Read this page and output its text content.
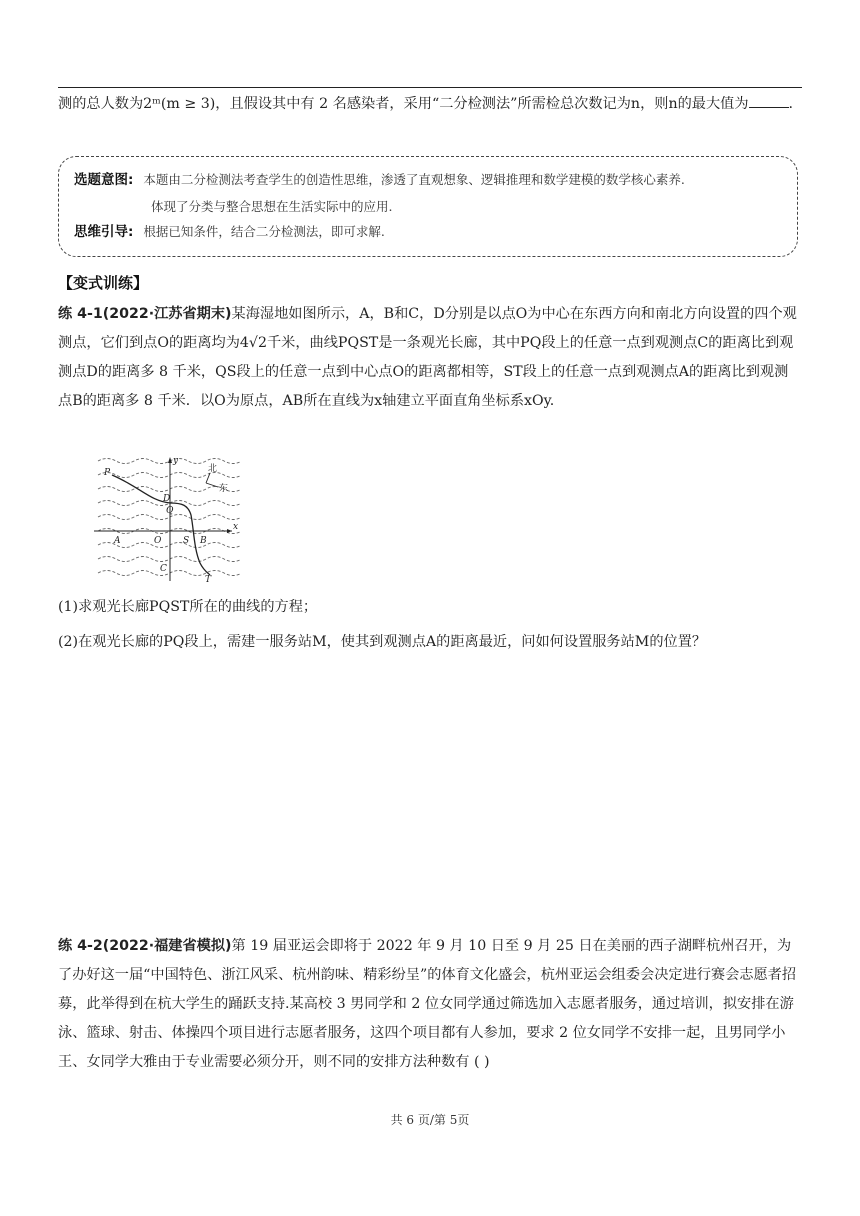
测的总人数为2ᵐ(m ≥ 3)，且假设其中有 2 名感染者，采用“二分检测法”所需检总次数记为n，则n的最大值为	.
选题意图: 本题由二分检测法考查学生的创造性思维，渗透了直观想象、逻辑推理和数学建模的数学核心素养.
体现了分类与整合思想在生活实际中的应用.
思维引导: 根据已知条件，结合二分检测法，即可求解.
【变式训练】
练 4-1(2022·江苏省期末)某海湿地如图所示，A，B和C，D分别是以点O为中心在东西方向和南北方向设置的四个观测点，它们到点O的距离均为4√2千米，曲线PQST是一条观光长廊，其中PQ段上的任意一点到观测点C的距离比到观测点D的距离多 8 千米，QS段上的任意一点到中心点O的距离都相等，ST段上的任意一点到观测点A的距离比到观测点B的距离多 8 千米．以O为原点，AB所在直线为x轴建立平面直角坐标系xOy.
y
x
P
D
Q
A	O S B
C
T
北
东
(1)求观光长廊PQST所在的曲线的方程；
(2)在观光长廊的PQ段上，需建一服务站M，使其到观测点A的距离最近，问如何设置服务站M的位置？
练 4-2(2022·福建省模拟)第 19 届亚运会即将于 2022 年 9 月 10 日至 9 月 25 日在美丽的西子湖畔杭州召开，为了办好这一届“中国特色、浙江风采、杭州韵味、精彩纷呈”的体育文化盛会，杭州亚运会组委会决定进行赛会志愿者招募，此举得到在杭大学生的踊跃支持.某高校 3 男同学和 2 位女同学通过筛选加入志愿者服务，通过培训，拟安排在游泳、篮球、射击、体操四个项目进行志愿者服务，这四个项目都有人参加，要求 2 位女同学不安排一起，且男同学小王、女同学大雅由于专业需要必须分开，则不同的安排方法种数有 ( )
共 6 页/第 5页
